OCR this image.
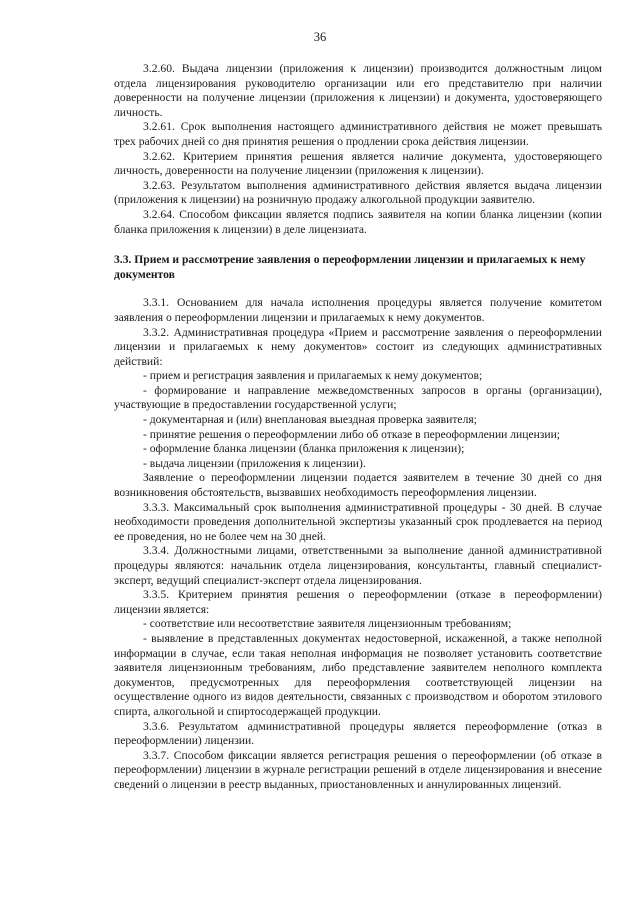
36

3.2.60. Выдача лицензии (приложения к лицензии) производится должностным лицом отдела лицензирования руководителю организации или его представителю при наличии доверенности на получение лицензии (приложения к лицензии) и документа, удостоверяющего личность.

3.2.61. Срок выполнения настоящего административного действия не может превышать трех рабочих дней со дня принятия решения о продлении срока действия лицензии.

3.2.62. Критерием принятия решения является наличие документа, удостоверяющего личность, доверенности на получение лицензии (приложения к лицензии).

3.2.63. Результатом выполнения административного действия является выдача лицензии (приложения к лицензии) на розничную продажу алкогольной продукции заявителю.

3.2.64. Способом фиксации является подпись заявителя на копии бланка лицензии (копии бланка приложения к лицензии) в деле лицензиата.

3.3. Прием и рассмотрение заявления о переоформлении лицензии и прилагаемых к нему документов

3.3.1. Основанием для начала исполнения процедуры является получение комитетом заявления о переоформлении лицензии и прилагаемых к нему документов.

3.3.2. Административная процедура «Прием и рассмотрение заявления о переоформлении лицензии и прилагаемых к нему документов» состоит из следующих административных действий:

- прием и регистрация заявления и прилагаемых к нему документов;

- формирование и направление межведомственных запросов в органы (организации), участвующие в предоставлении государственной услуги;

- документарная и (или) внеплановая выездная проверка заявителя;

- принятие решения о переоформлении либо об отказе в переоформлении лицензии;

- оформление бланка лицензии (бланка приложения к лицензии);

- выдача лицензии (приложения к лицензии).

Заявление о переоформлении лицензии подается заявителем в течение 30 дней со дня возникновения обстоятельств, вызвавших необходимость переоформления лицензии.

3.3.3. Максимальный срок выполнения административной процедуры - 30 дней. В случае необходимости проведения дополнительной экспертизы указанный срок продлевается на период ее проведения, но не более чем на 30 дней.

3.3.4. Должностными лицами, ответственными за выполнение данной административной процедуры являются: начальник отдела лицензирования, консультанты, главный специалист-эксперт, ведущий специалист-эксперт отдела лицензирования.

3.3.5. Критерием принятия решения о переоформлении (отказе в переоформлении) лицензии является:

- соответствие или несоответствие заявителя лицензионным требованиям;

- выявление в представленных документах недостоверной, искаженной, а также неполной информации в случае, если такая неполная информация не позволяет установить соответствие заявителя лицензионным требованиям, либо представление заявителем неполного комплекта документов, предусмотренных для переоформления соответствующей лицензии на осуществление одного из видов деятельности, связанных с производством и оборотом этилового спирта, алкогольной и спиртосодержащей продукции.

3.3.6. Результатом административной процедуры является переоформление (отказ в переоформлении) лицензии.

3.3.7. Способом фиксации является регистрация решения о переоформлении (об отказе в переоформлении) лицензии в журнале регистрации решений в отделе лицензирования и внесение сведений о лицензии в реестр выданных, приостановленных и аннулированных лицензий.
